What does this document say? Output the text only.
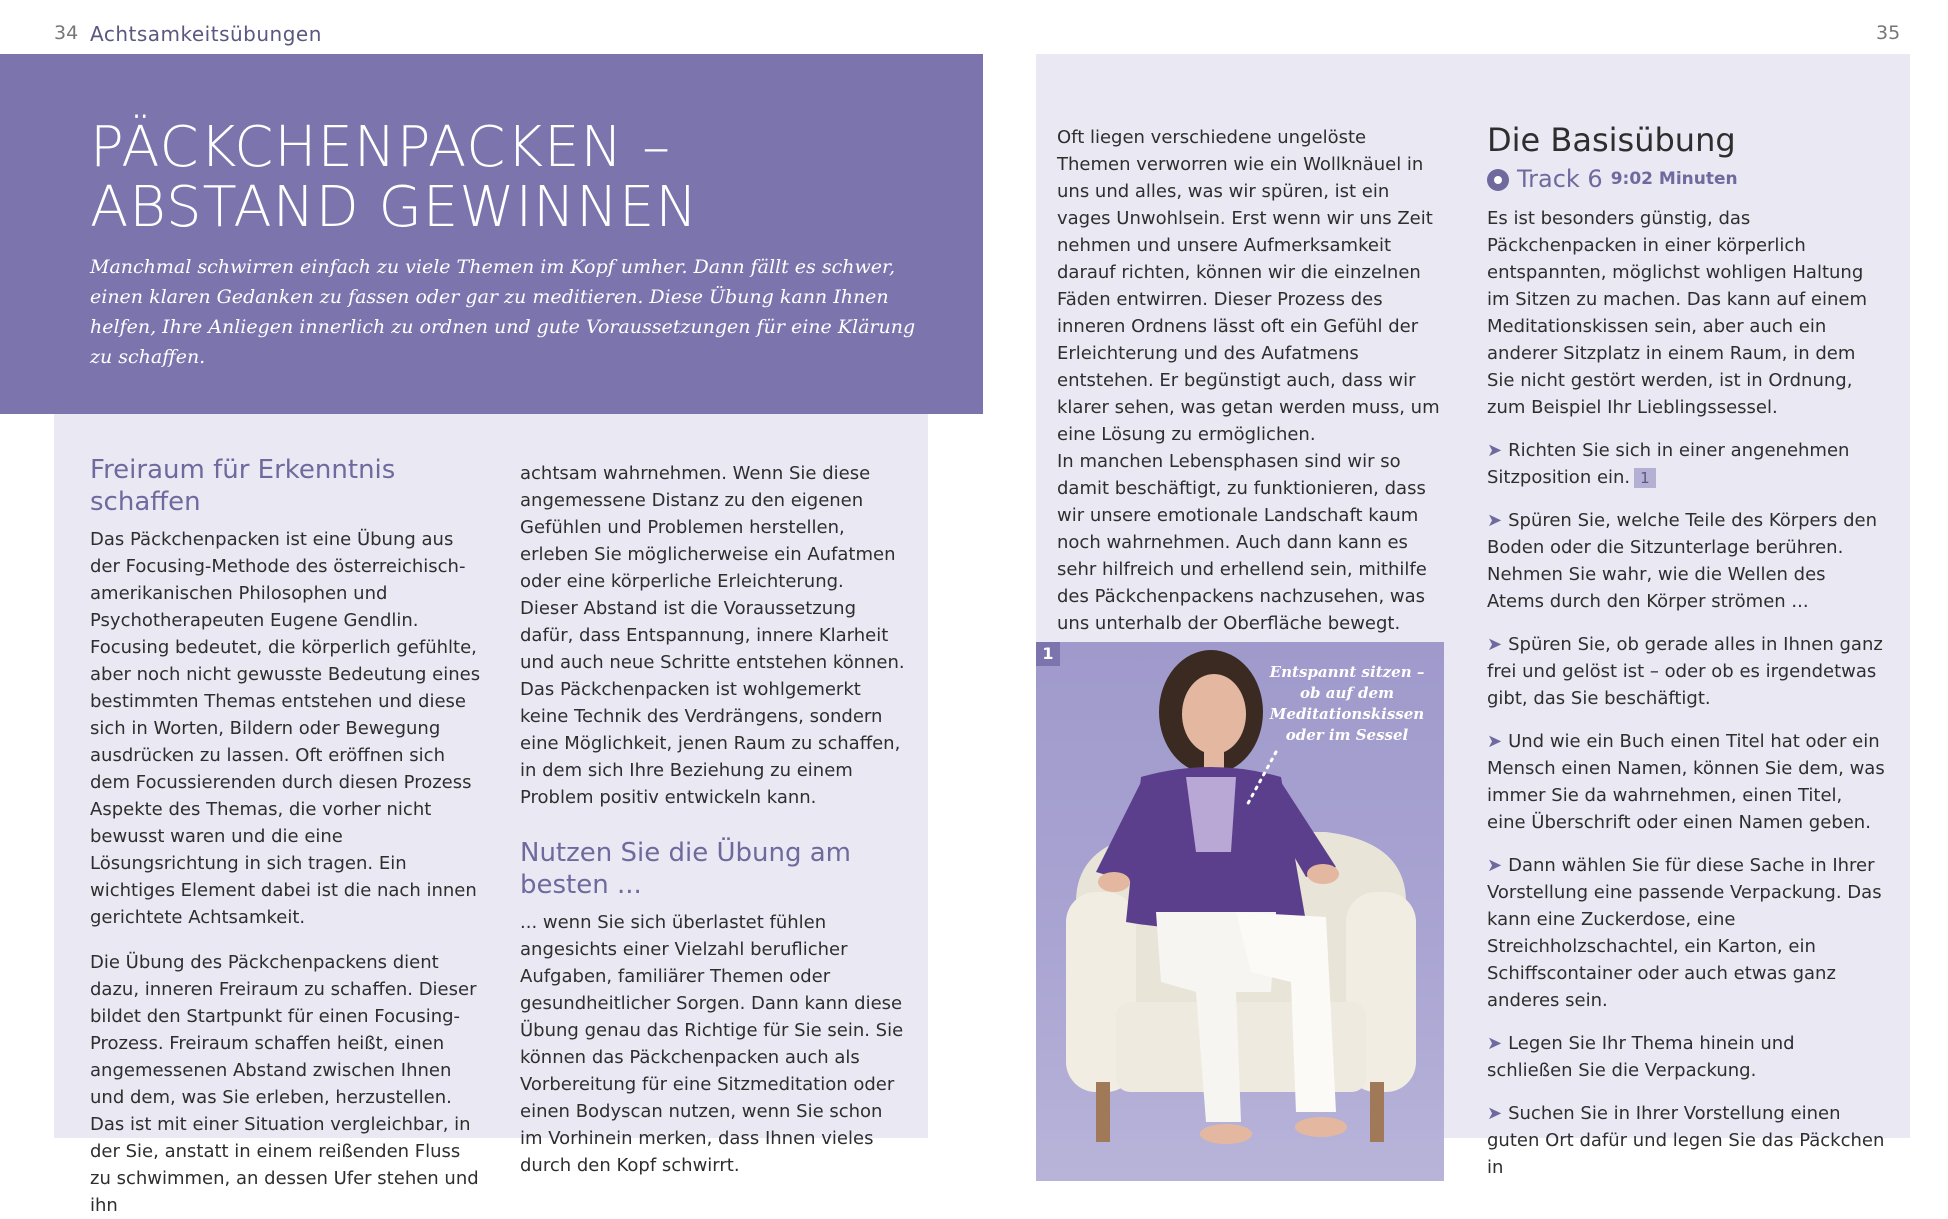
34 Achtsamkeitsübungen
PÄCKCHENPACKEN –
ABSTAND GEWINNEN

Manchmal schwirren einfach zu viele Themen im Kopf umher. Dann fällt es schwer, einen klaren Gedanken zu fassen oder gar zu meditieren. Diese Übung kann Ihnen helfen, Ihre Anliegen innerlich zu ordnen und gute Voraussetzungen für eine Klärung zu schaffen.

Freiraum für Erkenntnis schaffen

Das Päckchenpacken ist eine Übung aus der Focusing-Methode des österreichisch-amerikanischen Philosophen und Psychotherapeuten Eugene Gendlin. Focusing bedeutet, die körperlich gefühlte, aber noch nicht gewusste Bedeutung eines bestimmten Themas entstehen und diese sich in Worten, Bildern oder Bewegung ausdrücken zu lassen. Oft eröffnen sich dem Focussierenden durch diesen Prozess Aspekte des Themas, die vorher nicht bewusst waren und die eine Lösungsrichtung in sich tragen. Ein wichtiges Element dabei ist die nach innen gerichtete Achtsamkeit.

Die Übung des Päckchenpackens dient dazu, inneren Freiraum zu schaffen. Dieser bildet den Startpunkt für einen Focusing-Prozess. Freiraum schaffen heißt, einen angemessenen Abstand zwischen Ihnen und dem, was Sie erleben, herzustellen.

Das ist mit einer Situation vergleichbar, in der Sie, anstatt in einem reißenden Fluss zu schwimmen, an dessen Ufer stehen und ihn

achtsam wahrnehmen. Wenn Sie diese angemessene Distanz zu den eigenen Gefühlen und Problemen herstellen, erleben Sie möglicherweise ein Aufatmen oder eine körperliche Erleichterung. Dieser Abstand ist die Voraussetzung dafür, dass Entspannung, innere Klarheit und auch neue Schritte entstehen können.

Das Päckchenpacken ist wohlgemerkt keine Technik des Verdrängens, sondern eine Möglichkeit, jenen Raum zu schaffen, in dem sich Ihre Beziehung zu einem Problem positiv entwickeln kann.

Nutzen Sie die Übung am besten ...

... wenn Sie sich überlastet fühlen angesichts einer Vielzahl beruflicher Aufgaben, familiärer Themen oder gesundheitlicher Sorgen. Dann kann diese Übung genau das Richtige für Sie sein. Sie können das Päckchenpacken auch als Vorbereitung für eine Sitzmeditation oder einen Bodyscan nutzen, wenn Sie schon im Vorhinein merken, dass Ihnen vieles durch den Kopf schwirrt.

35

Oft liegen verschiedene ungelöste Themen verworren wie ein Wollknäuel in uns und alles, was wir spüren, ist ein vages Unwohlsein. Erst wenn wir uns Zeit nehmen und unsere Aufmerksamkeit darauf richten, können wir die einzelnen Fäden entwirren. Dieser Prozess des inneren Ordnens lässt oft ein Gefühl der Erleichterung und des Aufatmens entstehen. Er begünstigt auch, dass wir klarer sehen, was getan werden muss, um eine Lösung zu ermöglichen.

In manchen Lebensphasen sind wir so damit beschäftigt, zu funktionieren, dass wir unsere emotionale Landschaft kaum noch wahrnehmen. Auch dann kann es sehr hilfreich und erhellend sein, mithilfe des Päckchenpackens nachzusehen, was uns unterhalb der Oberfläche bewegt.

1

Entspannt sitzen – ob auf dem Meditationskissen oder im Sessel

Die Basisübung
Track 6 9:02 Minuten

Es ist besonders günstig, das Päckchenpacken in einer körperlich entspannten, möglichst wohligen Haltung im Sitzen zu machen. Das kann auf einem Meditationskissen sein, aber auch ein anderer Sitzplatz in einem Raum, in dem Sie nicht gestört werden, ist in Ordnung, zum Beispiel Ihr Lieblingssessel.

➤ Richten Sie sich in einer angenehmen Sitzposition ein. 1

➤ Spüren Sie, welche Teile des Körpers den Boden oder die Sitzunterlage berühren. Nehmen Sie wahr, wie die Wellen des Atems durch den Körper strömen ...

➤ Spüren Sie, ob gerade alles in Ihnen ganz frei und gelöst ist – oder ob es irgendetwas gibt, das Sie beschäftigt.

➤ Und wie ein Buch einen Titel hat oder ein Mensch einen Namen, können Sie dem, was immer Sie da wahrnehmen, einen Titel, eine Überschrift oder einen Namen geben.

➤ Dann wählen Sie für diese Sache in Ihrer Vorstellung eine passende Verpackung. Das kann eine Zuckerdose, eine Streichholzschachtel, ein Karton, ein Schiffscontainer oder auch etwas ganz anderes sein.

➤ Legen Sie Ihr Thema hinein und schließen Sie die Verpackung.

➤ Suchen Sie in Ihrer Vorstellung einen guten Ort dafür und legen Sie das Päckchen in
